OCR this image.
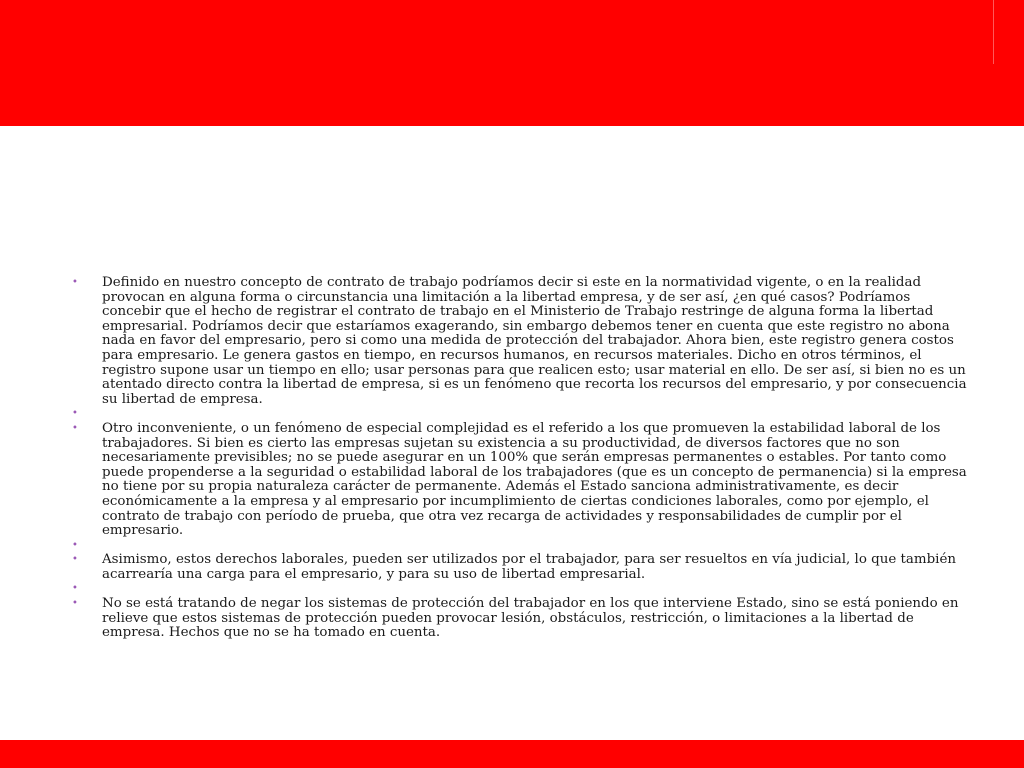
•	Definido en nuestro concepto de contrato de trabajo podríamos decir si este en la normatividad vigente, o en la realidad provocan en alguna forma o circunstancia una limitación a la libertad empresa, y de ser así, ¿en qué casos? Podríamos concebir que el hecho de registrar el contrato de trabajo en el Ministerio de Trabajo restringe de alguna forma la libertad empresarial. Podríamos decir que estaríamos exagerando, sin embargo debemos tener en cuenta que este registro no abona nada en favor del empresario, pero si como una medida de protección del trabajador. Ahora bien, este registro genera costos para empresario. Le genera gastos en tiempo, en recursos humanos, en recursos materiales. Dicho en otros términos, el registro supone usar un tiempo en ello; usar personas para que realicen esto; usar material en ello. De ser así, si bien no es un atentado directo contra la libertad de empresa, si es un fenómeno que recorta los recursos del empresario, y por consecuencia su libertad de empresa.
•
•	Otro inconveniente, o un fenómeno de especial complejidad es el referido a los que promueven la estabilidad laboral de los trabajadores. Si bien es cierto las empresas sujetan su existencia a su productividad, de diversos factores que no son necesariamente previsibles; no se puede asegurar en un 100% que serán empresas permanentes o estables. Por tanto como puede propenderse a la seguridad o estabilidad laboral de los trabajadores (que es un concepto de permanencia) si la empresa no tiene por su propia naturaleza carácter de permanente. Además el Estado sanciona administrativamente, es decir económicamente a la empresa y al empresario por incumplimiento de ciertas condiciones laborales, como por ejemplo, el contrato de trabajo con período de prueba, que otra vez recarga de actividades y responsabilidades de cumplir por el empresario.
•
•	Asimismo, estos derechos laborales, pueden ser utilizados por el trabajador, para ser resueltos en vía judicial, lo que también acarrearía una carga para el empresario, y para su uso de libertad empresarial.
•
•	No se está tratando de negar los sistemas de protección del trabajador en los que interviene Estado, sino se está poniendo en relieve que estos sistemas de protección pueden provocar lesión, obstáculos, restricción, o limitaciones a la libertad de empresa. Hechos que no se ha tomado en cuenta.
